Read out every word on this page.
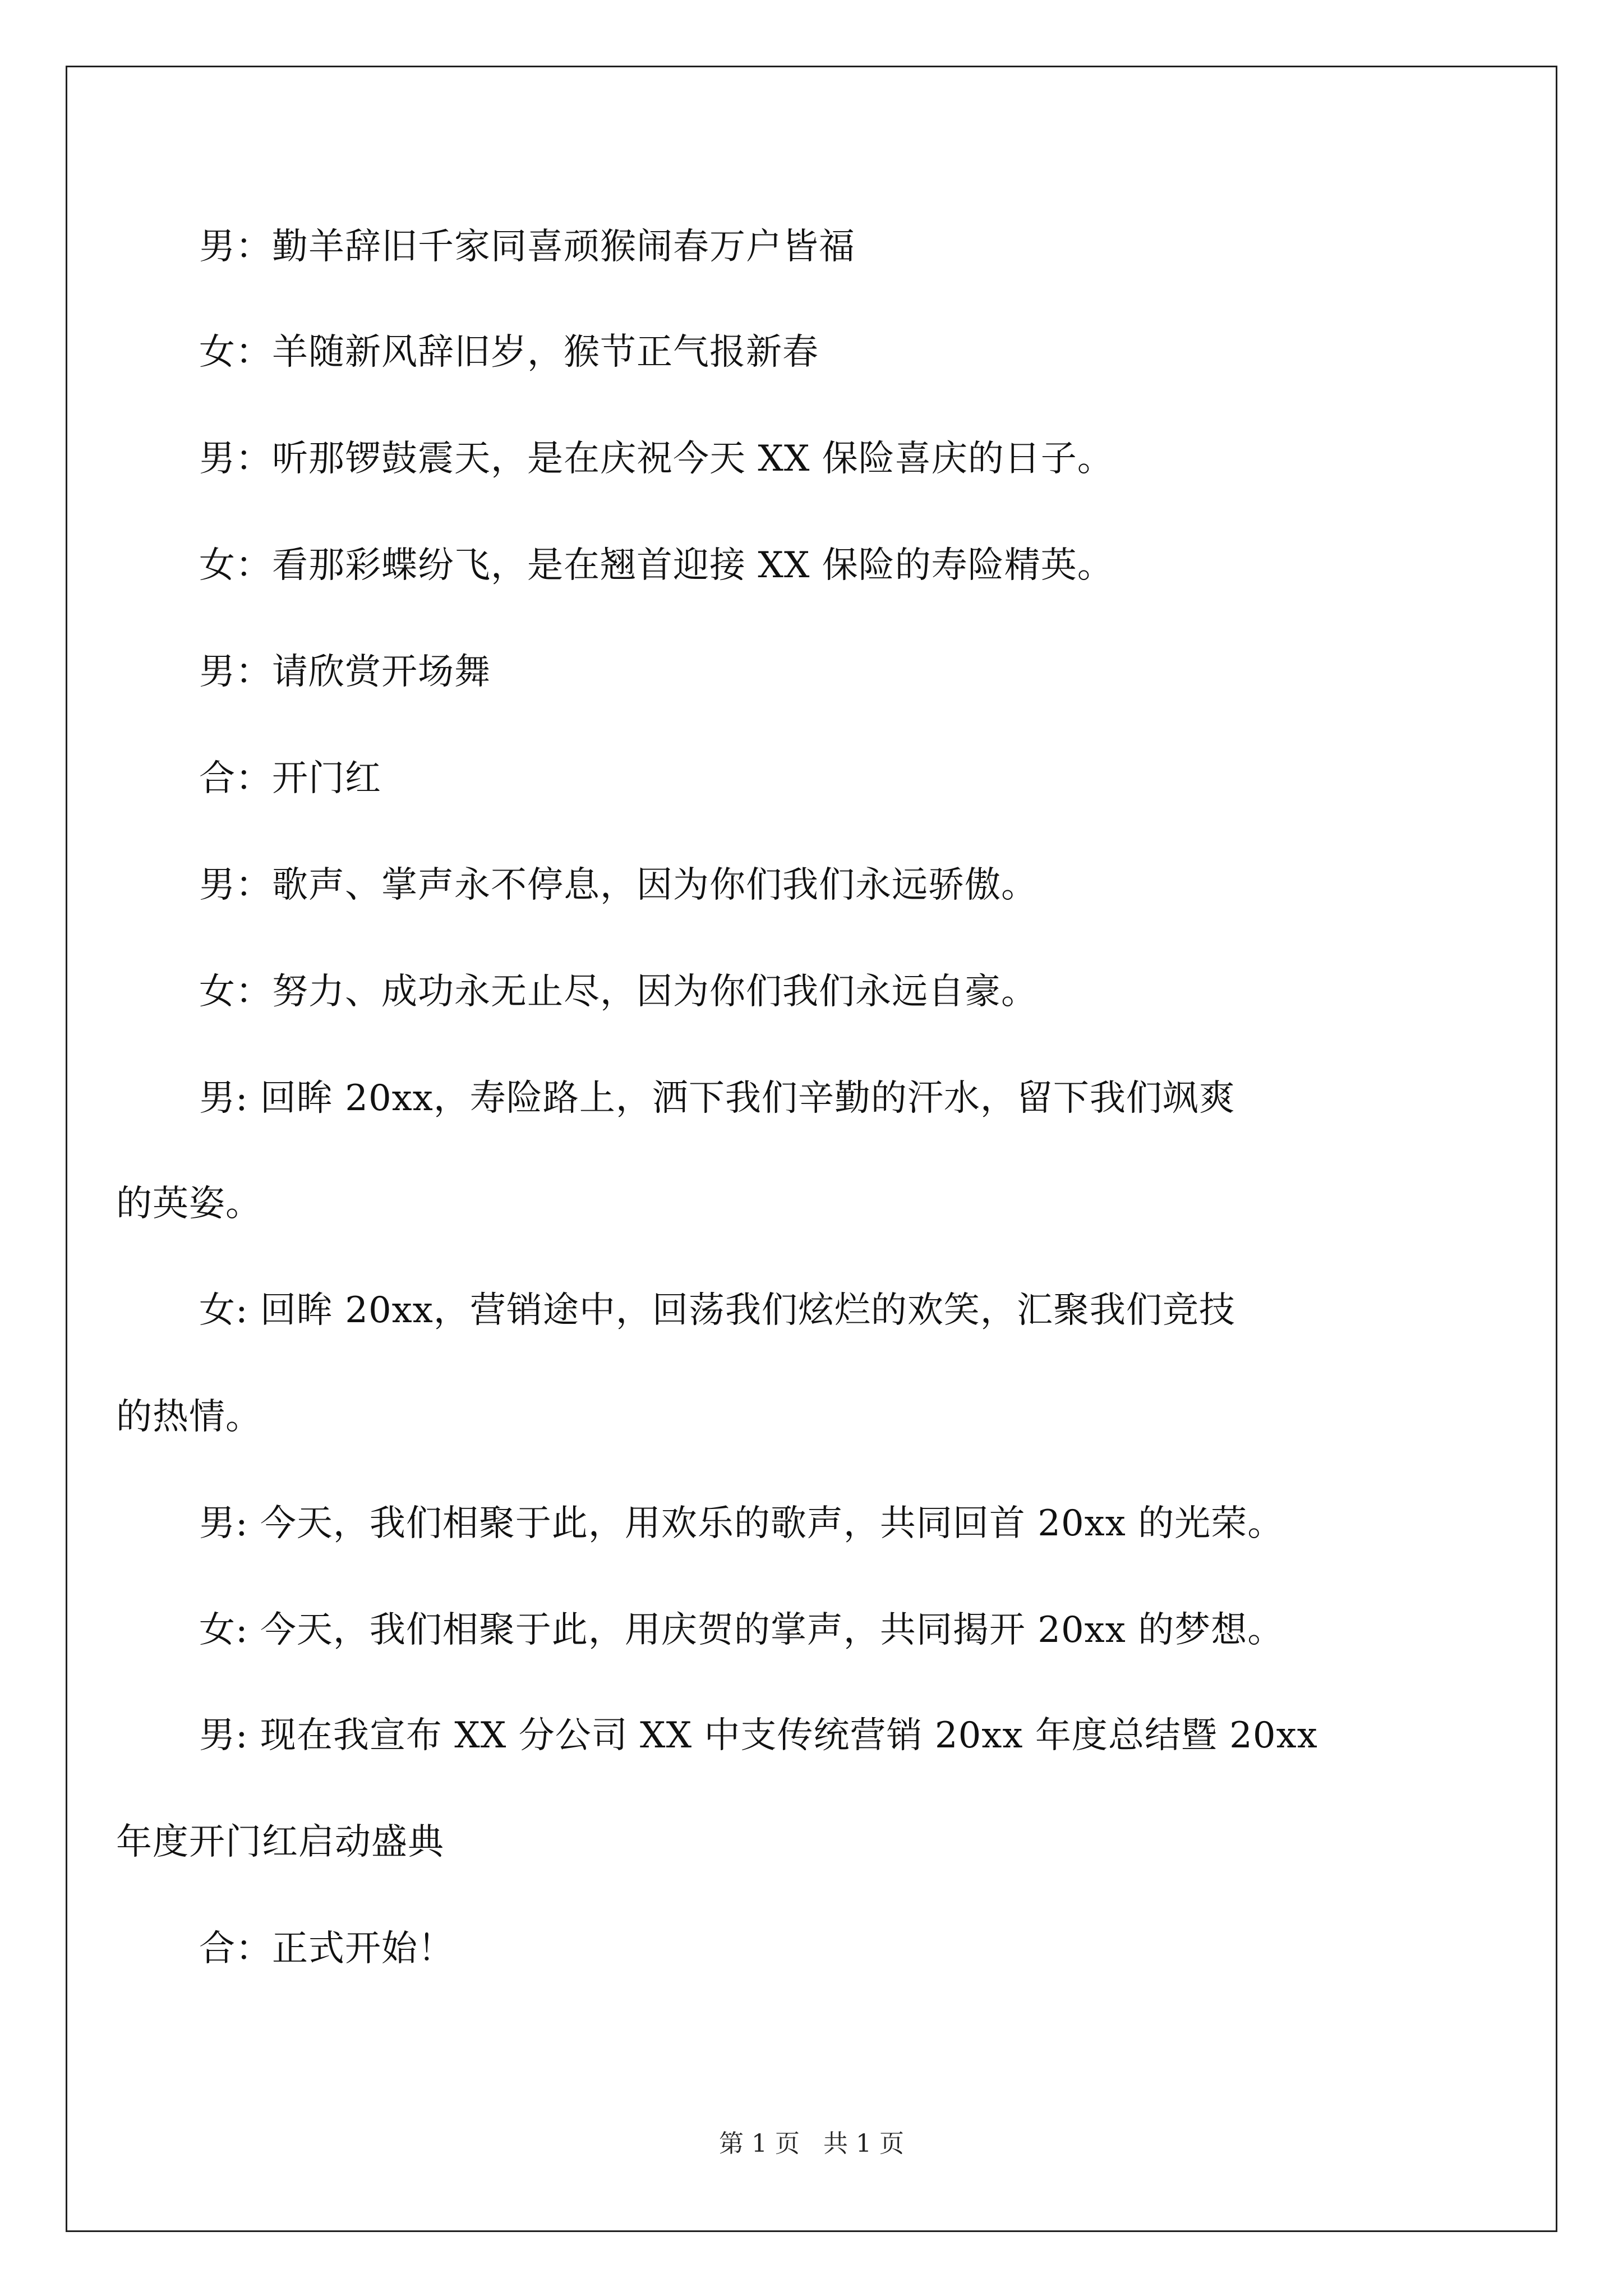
男：勤羊辞旧千家同喜顽猴闹春万户皆福

女：羊随新风辞旧岁，猴节正气报新春

男：听那锣鼓震天，是在庆祝今天 XX 保险喜庆的日子。

女：看那彩蝶纷飞，是在翘首迎接 XX 保险的寿险精英。

男：请欣赏开场舞

合：开门红

男：歌声、掌声永不停息，因为你们我们永远骄傲。

女：努力、成功永无止尽，因为你们我们永远自豪。

男: 回眸 20xx，寿险路上，洒下我们辛勤的汗水，留下我们飒爽

的英姿。

女: 回眸 20xx，营销途中，回荡我们炫烂的欢笑，汇聚我们竞技

的热情。

男: 今天，我们相聚于此，用欢乐的歌声，共同回首 20xx 的光荣。

女: 今天，我们相聚于此，用庆贺的掌声，共同揭开 20xx 的梦想。

男: 现在我宣布 XX 分公司 XX 中支传统营销 20xx 年度总结暨 20xx

年度开门红启动盛典

合：正式开始！

第 1 页 共 1 页
